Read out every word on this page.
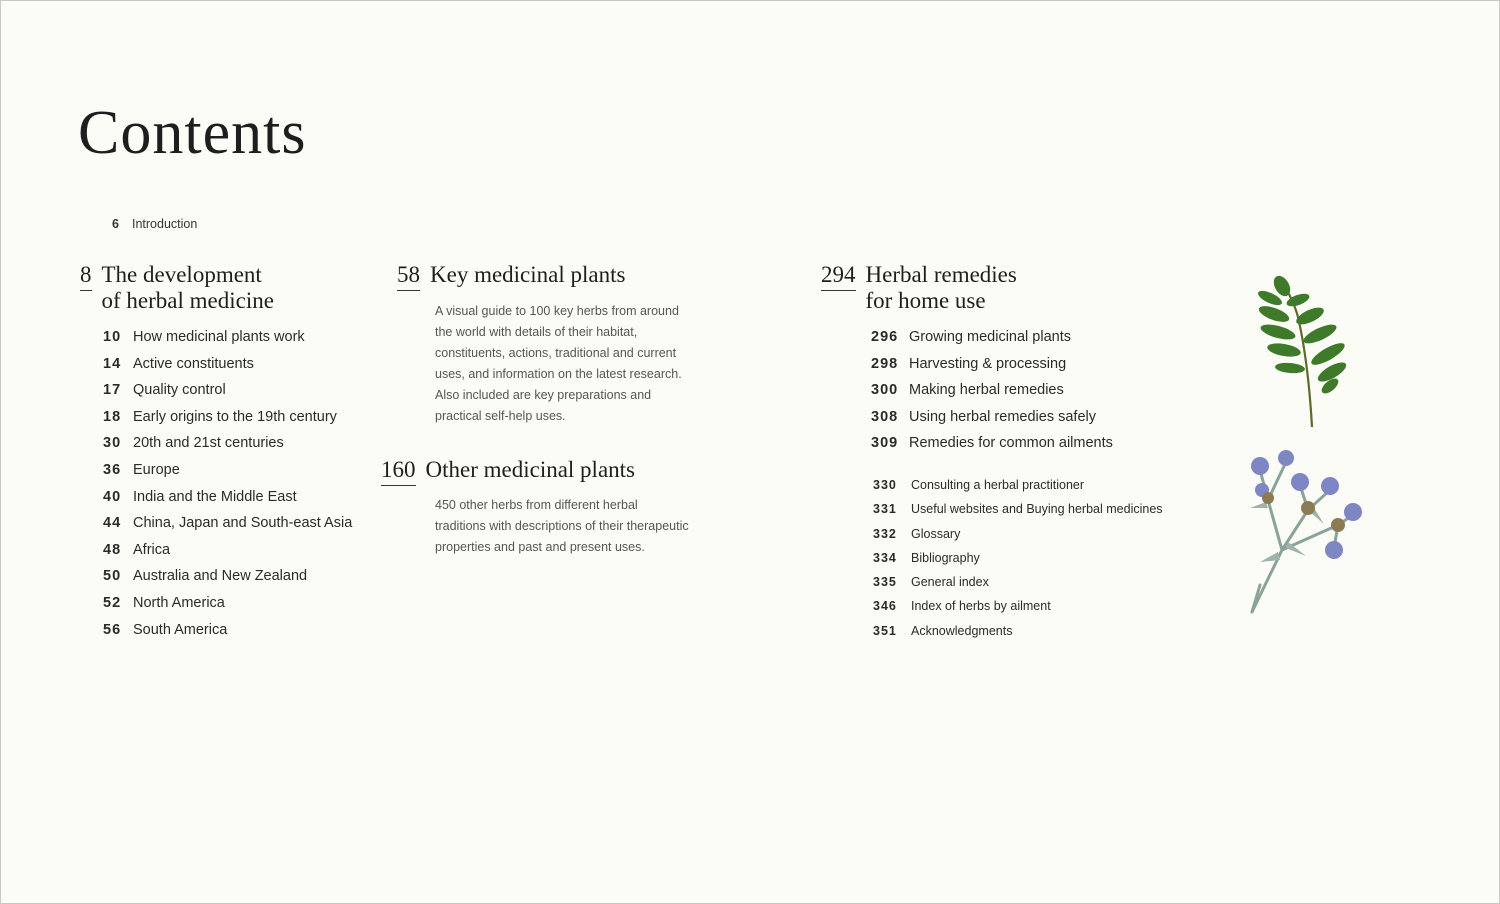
Contents
6 Introduction
8 The development
of herbal medicine
10 How medicinal plants work
14 Active constituents
17 Quality control
18 Early origins to the 19th century
30 20th and 21st centuries
36 Europe
40 India and the Middle East
44 China, Japan and South-east Asia
48 Africa
50 Australia and New Zealand
52 North America
56 South America
58 Key medicinal plants

A visual guide to 100 key herbs from around
the world with details of their habitat,
constituents, actions, traditional and current
uses, and information on the latest research.
Also included are key preparations and
practical self-help uses.

160 Other medicinal plants

450 other herbs from different herbal
traditions with descriptions of their therapeutic
properties and past and present uses.

294 Herbal remedies
for home use
296 Growing medicinal plants
298 Harvesting & processing
300 Making herbal remedies
308 Using herbal remedies safely
309 Remedies for common ailments
330	Consulting a herbal practitioner
331	Useful websites and Buying herbal medicines
332	Glossary
334	Bibliography
335	General index
346	Index of herbs by ailment
351	Acknowledgments
